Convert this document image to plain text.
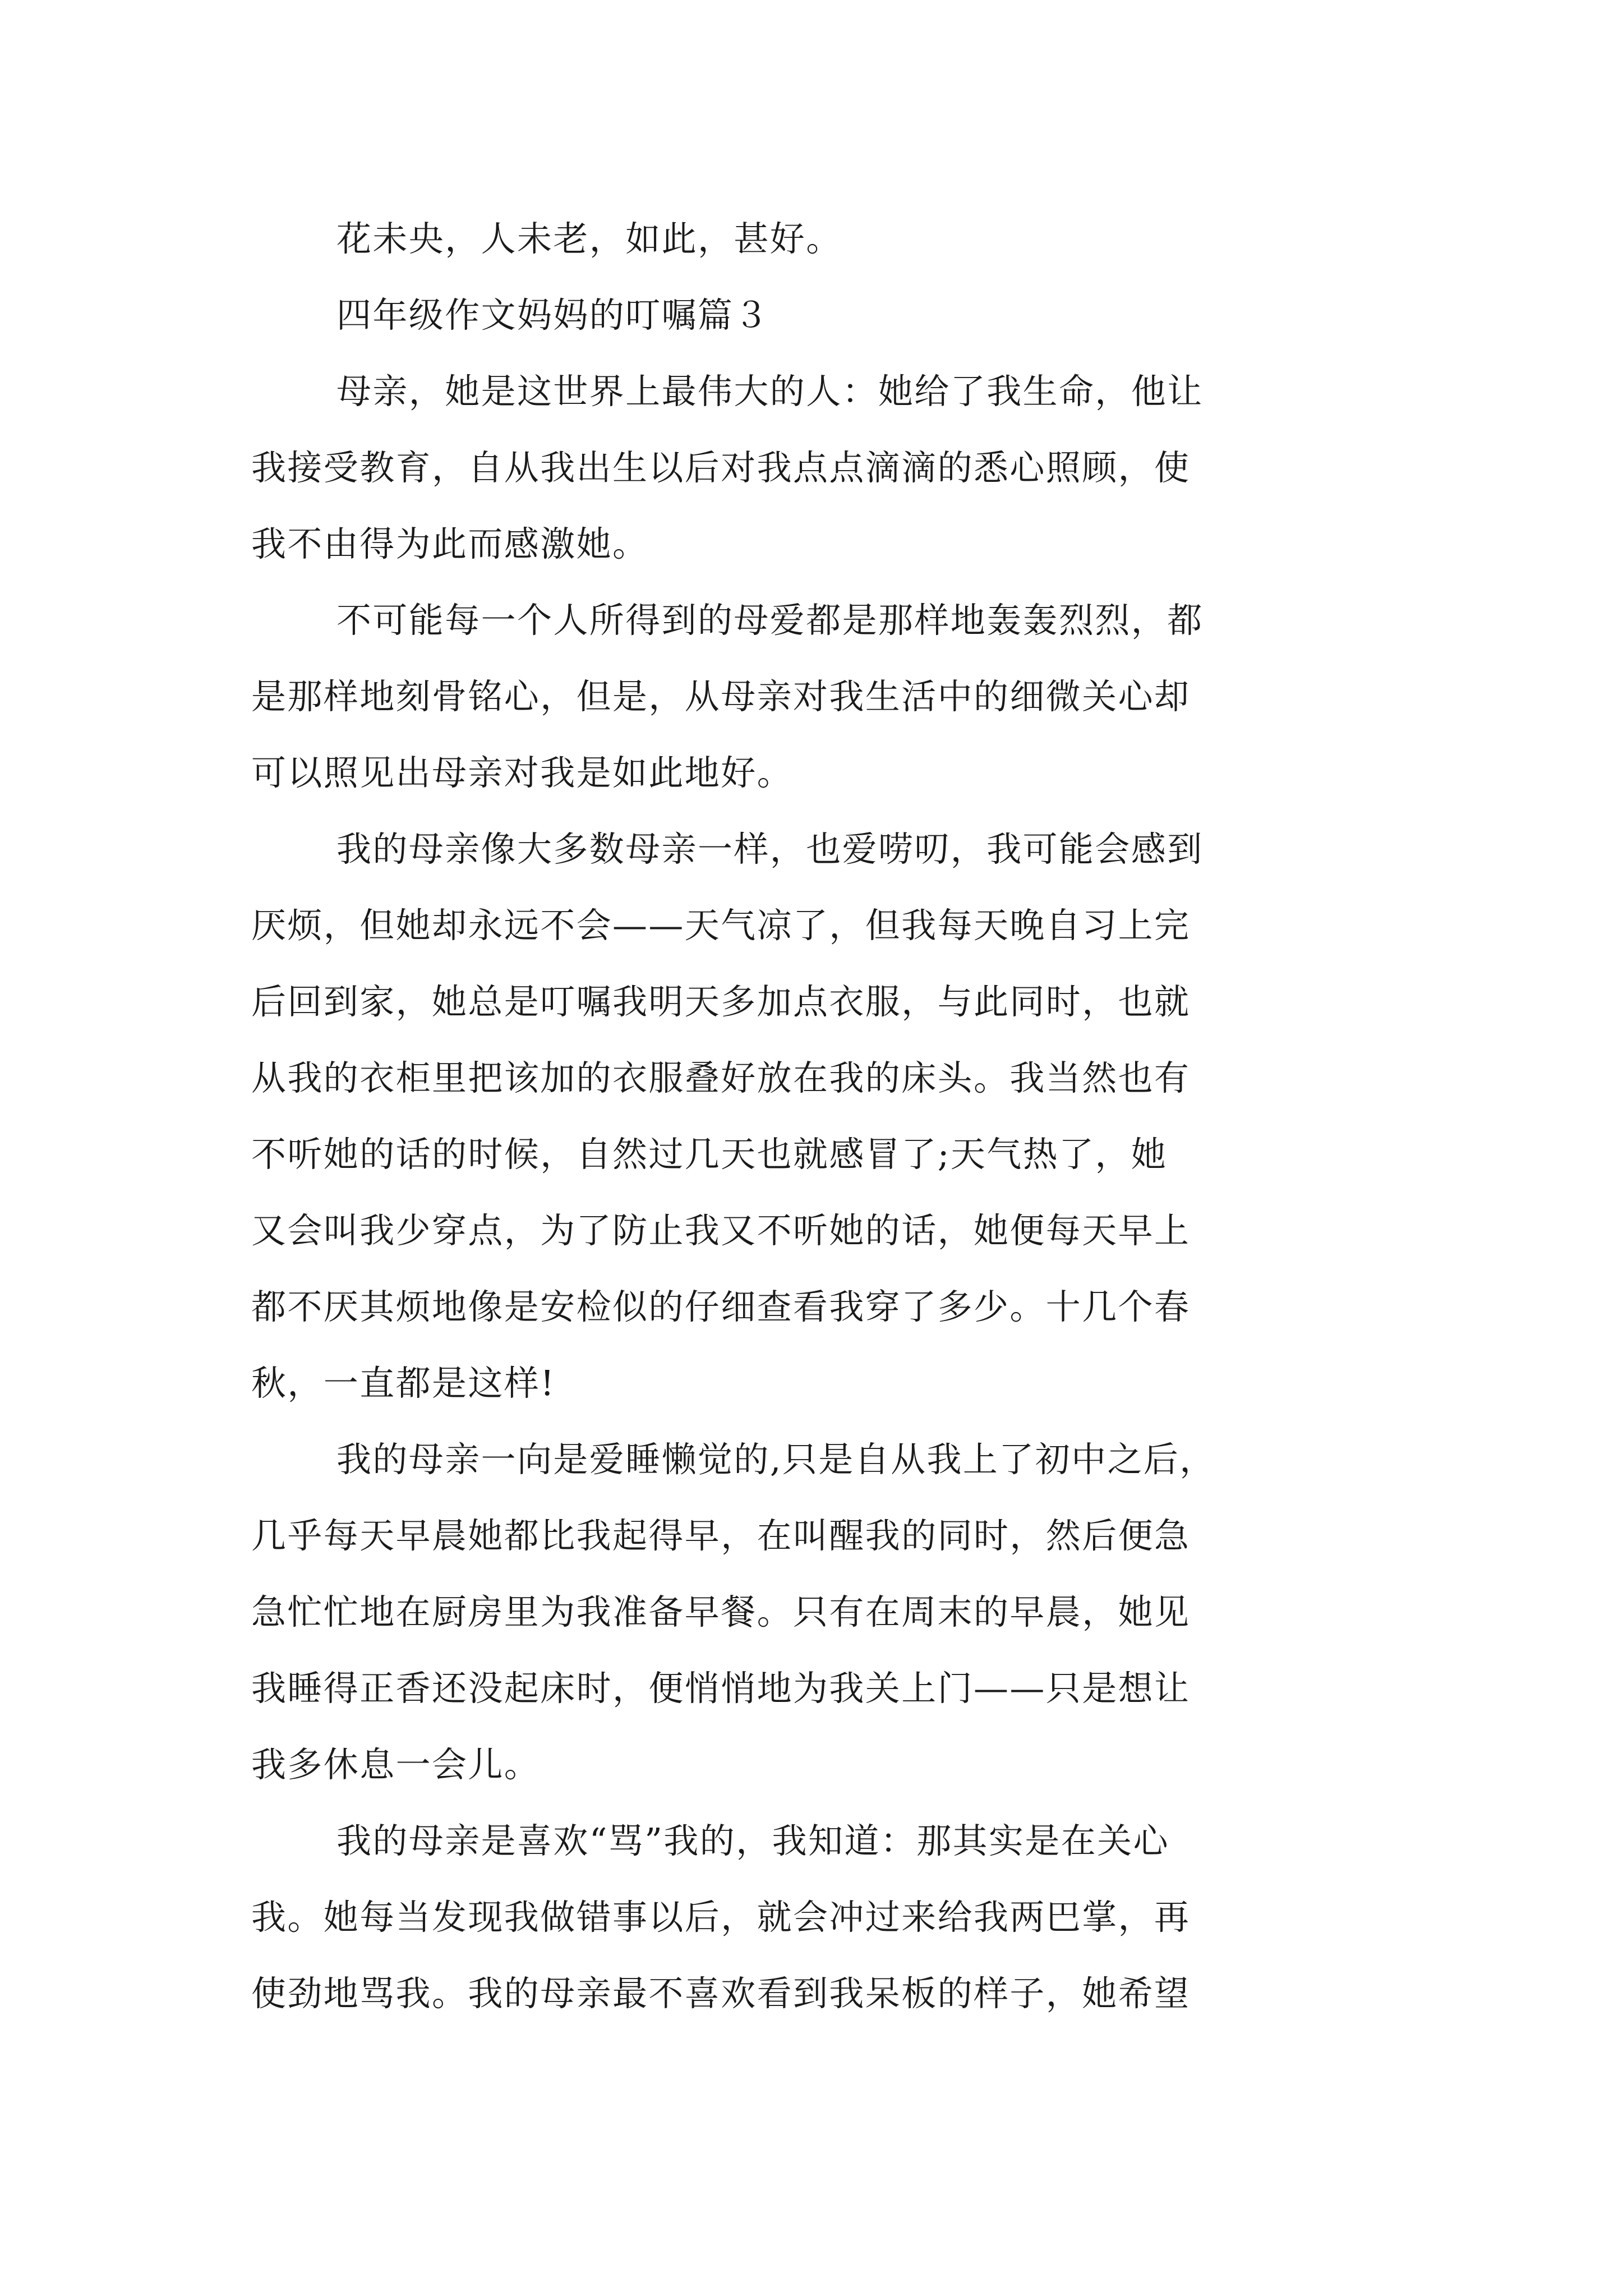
花未央，人未老，如此，甚好。
四年级作文妈妈的叮嘱篇３
母亲，她是这世界上最伟大的人：她给了我生命，他让
我接受教育，自从我出生以后对我点点滴滴的悉心照顾，使
我不由得为此而感激她。
不可能每一个人所得到的母爱都是那样地轰轰烈烈，都
是那样地刻骨铭心，但是，从母亲对我生活中的细微关心却
可以照见出母亲对我是如此地好。
我的母亲像大多数母亲一样，也爱唠叨，我可能会感到
厌烦，但她却永远不会——天气凉了，但我每天晚自习上完
后回到家，她总是叮嘱我明天多加点衣服，与此同时，也就
从我的衣柜里把该加的衣服叠好放在我的床头。我当然也有
不听她的话的时候，自然过几天也就感冒了;天气热了，她
又会叫我少穿点，为了防止我又不听她的话，她便每天早上
都不厌其烦地像是安检似的仔细查看我穿了多少。十几个春
秋，一直都是这样!
我的母亲一向是爱睡懒觉的,只是自从我上了初中之后，
几乎每天早晨她都比我起得早，在叫醒我的同时，然后便急
急忙忙地在厨房里为我准备早餐。只有在周末的早晨，她见
我睡得正香还没起床时，便悄悄地为我关上门——只是想让
我多休息一会儿。
我的母亲是喜欢“骂”我的，我知道：那其实是在关心
我。她每当发现我做错事以后，就会冲过来给我两巴掌，再
使劲地骂我。我的母亲最不喜欢看到我呆板的样子，她希望
